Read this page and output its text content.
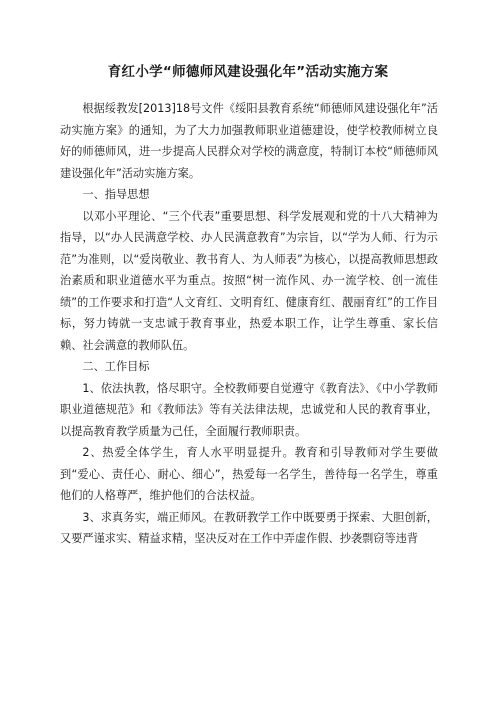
育红小学“师德师风建设强化年”活动实施方案

根据绥教发[2013]18号文件《绥阳县教育系统“师德师风建设强化年”活动实施方案》的通知，为了大力加强教师职业道德建设，使学校教师树立良好的师德师风，进一步提高人民群众对学校的满意度，特制订本校“师德师风建设强化年”活动实施方案。

一、指导思想

以邓小平理论、“三个代表”重要思想、科学发展观和党的十八大精神为指导，以“办人民满意学校、办人民满意教育”为宗旨，以“学为人师、行为示范”为准则，以“爱岗敬业、教书育人、为人师表”为核心，以提高教师思想政治素质和职业道德水平为重点。按照“树一流作风、办一流学校、创一流佳绩”的工作要求和打造“人文育红、文明育红、健康育红、靓丽育红”的工作目标，努力铸就一支忠诚于教育事业，热爱本职工作，让学生尊重、家长信赖、社会满意的教师队伍。

二、工作目标

1、依法执教，恪尽职守。全校教师要自觉遵守《教育法》、《中小学教师职业道德规范》和《教师法》等有关法律法规，忠诚党和人民的教育事业，以提高教育教学质量为己任，全面履行教师职责。

2、热爱全体学生，育人水平明显提升。教育和引导教师对学生要做到“爱心、责任心、耐心、细心”，热爱每一名学生，善待每一名学生，尊重他们的人格尊严，维护他们的合法权益。

3、求真务实，端正师风。在教研教学工作中既要勇于探索、大胆创新，又要严谨求实、精益求精，坚决反对在工作中弄虚作假、抄袭剽窃等违背
